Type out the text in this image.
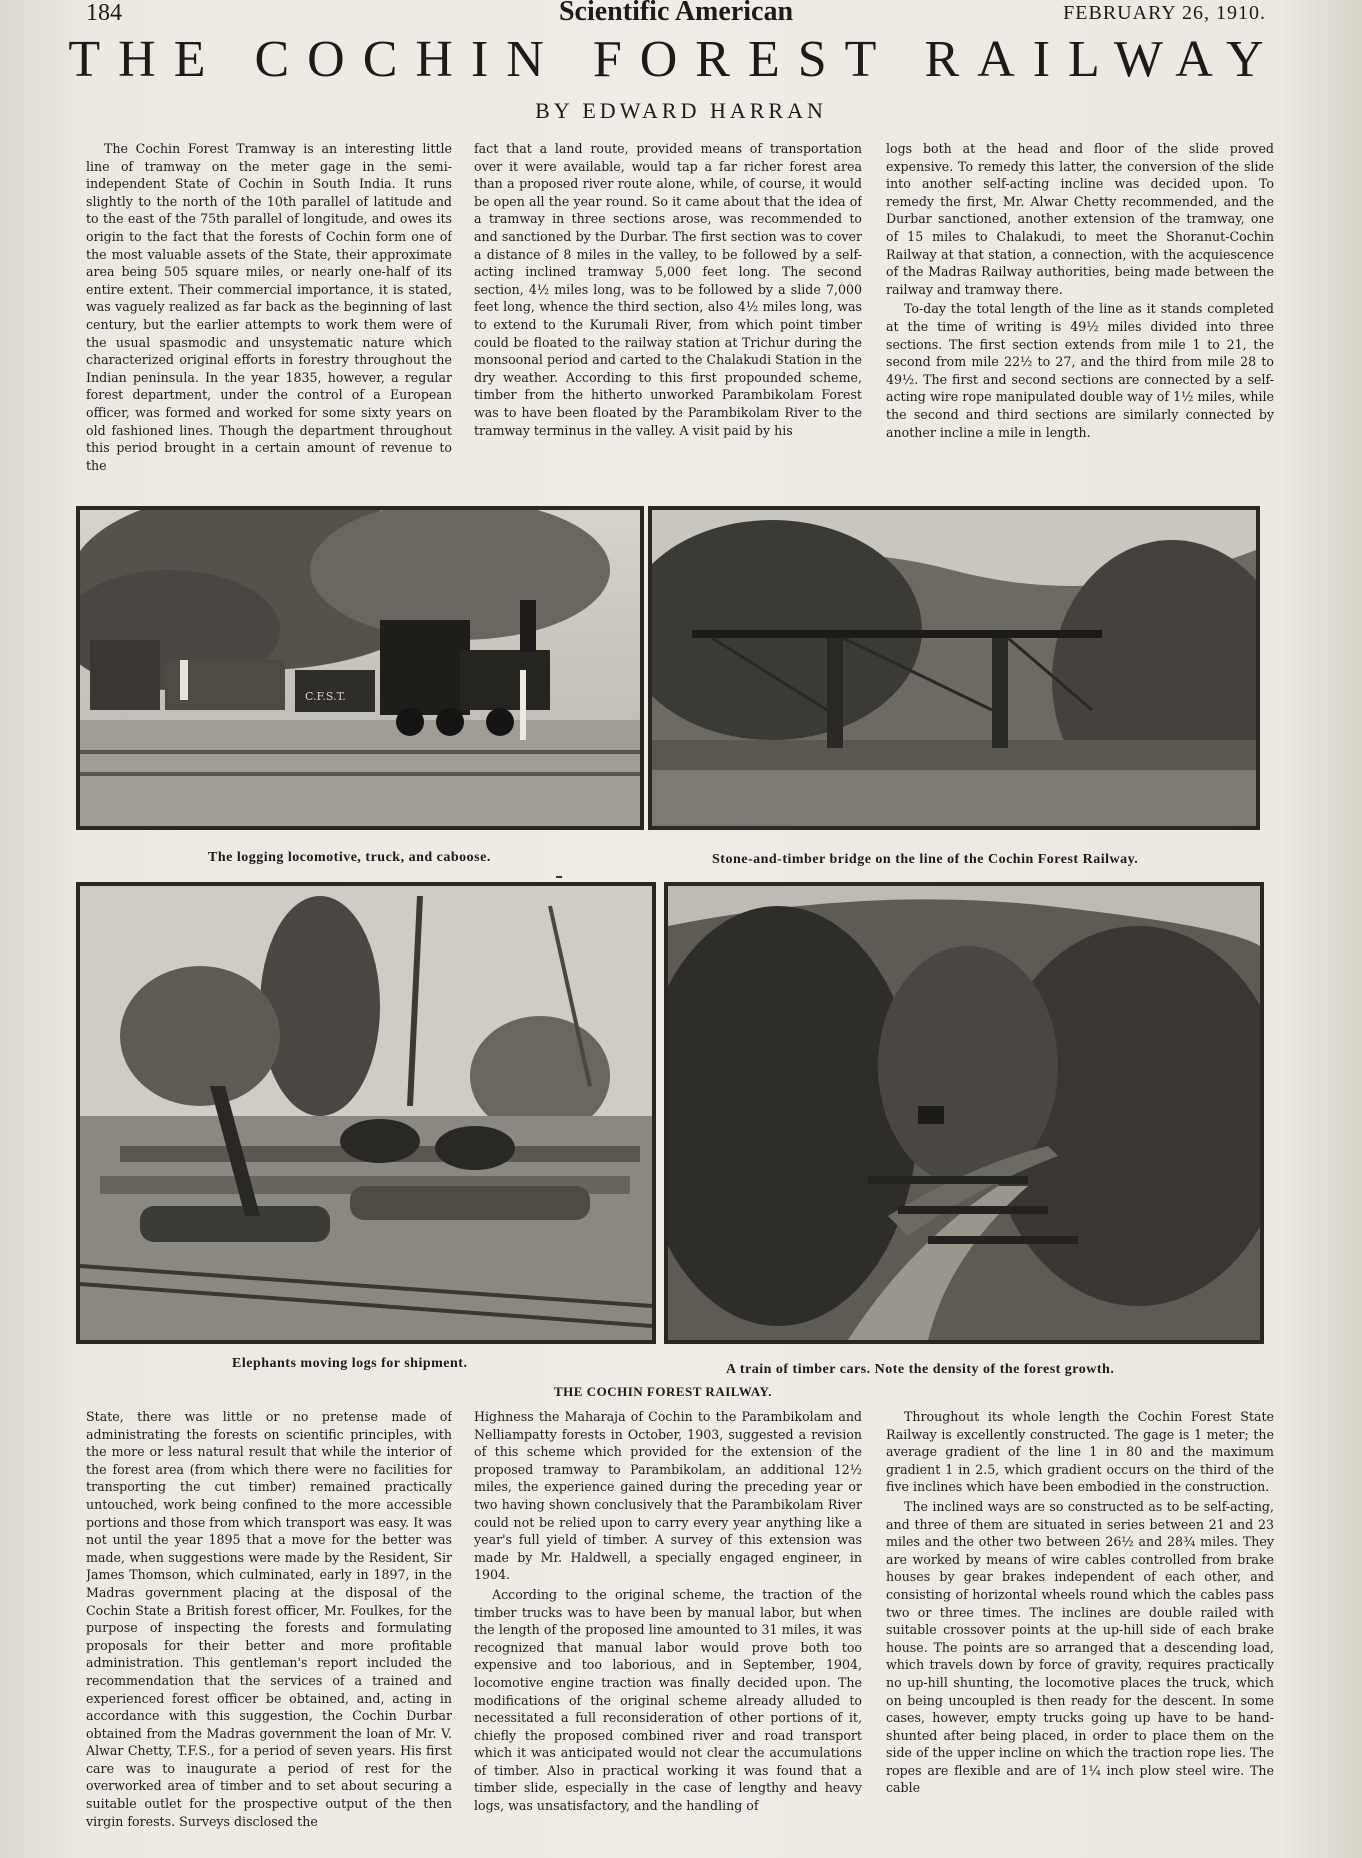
184	Scientific American	FEBRUARY 26, 1910.
THE COCHIN FOREST RAILWAY
BY EDWARD HARRAN

The Cochin Forest Tramway is an interesting little line of tramway on the meter gage in the semi-independent State of Cochin in South India. It runs slightly to the north of the 10th parallel of latitude and to the east of the 75th parallel of longitude, and owes its origin to the fact that the forests of Cochin form one of the most valuable assets of the State, their approximate area being 505 square miles, or nearly one-half of its entire extent. Their commercial importance, it is stated, was vaguely realized as far back as the beginning of last century, but the earlier attempts to work them were of the usual spasmodic and unsystematic nature which characterized original efforts in forestry throughout the Indian peninsula. In the year 1835, however, a regular forest department, under the control of a European officer, was formed and worked for some sixty years on old fashioned lines. Though the department throughout this period brought in a certain amount of revenue to the

fact that a land route, provided means of transportation over it were available, would tap a far richer forest area than a proposed river route alone, while, of course, it would be open all the year round. So it came about that the idea of a tramway in three sections arose, was recommended to and sanctioned by the Durbar. The first section was to cover a distance of 8 miles in the valley, to be followed by a self-acting inclined tramway 5,000 feet long. The second section, 4½ miles long, was to be followed by a slide 7,000 feet long, whence the third section, also 4½ miles long, was to extend to the Kurumali River, from which point timber could be floated to the railway station at Trichur during the monsoonal period and carted to the Chalakudi Station in the dry weather. According to this first propounded scheme, timber from the hitherto unworked Parambikolam Forest was to have been floated by the Parambikolam River to the tramway terminus in the valley. A visit paid by his

logs both at the head and floor of the slide proved expensive. To remedy this latter, the conversion of the slide into another self-acting incline was decided upon. To remedy the first, Mr. Alwar Chetty recommended, and the Durbar sanctioned, another extension of the tramway, one of 15 miles to Chalakudi, to meet the Shoranut-Cochin Railway at that station, a connection, with the acquiescence of the Madras Railway authorities, being made between the railway and tramway there.

To-day the total length of the line as it stands completed at the time of writing is 49½ miles divided into three sections. The first section extends from mile 1 to 21, the second from mile 22½ to 27, and the third from mile 28 to 49½. The first and second sections are connected by a self-acting wire rope manipulated double way of 1½ miles, while the second and third sections are similarly connected by another incline a mile in length.

C.F.S.T.
The logging locomotive, truck, and caboose.	Stone-and-timber bridge on the line of the Cochin Forest Railway.
Elephants moving logs for shipment.	A train of timber cars. Note the density of the forest growth.
THE COCHIN FOREST RAILWAY.

State, there was little or no pretense made of administrating the forests on scientific principles, with the more or less natural result that while the interior of the forest area (from which there were no facilities for transporting the cut timber) remained practically untouched, work being confined to the more accessible portions and those from which transport was easy. It was not until the year 1895 that a move for the better was made, when suggestions were made by the Resident, Sir James Thomson, which culminated, early in 1897, in the Madras government placing at the disposal of the Cochin State a British forest officer, Mr. Foulkes, for the purpose of inspecting the forests and formulating proposals for their better and more profitable administration. This gentleman's report included the recommendation that the services of a trained and experienced forest officer be obtained, and, acting in accordance with this suggestion, the Cochin Durbar obtained from the Madras government the loan of Mr. V. Alwar Chetty, T.F.S., for a period of seven years. His first care was to inaugurate a period of rest for the overworked area of timber and to set about securing a suitable outlet for the prospective output of the then virgin forests. Surveys disclosed the

Highness the Maharaja of Cochin to the Parambikolam and Nelliampatty forests in October, 1903, suggested a revision of this scheme which provided for the extension of the proposed tramway to Parambikolam, an additional 12½ miles, the experience gained during the preceding year or two having shown conclusively that the Parambikolam River could not be relied upon to carry every year anything like a year's full yield of timber. A survey of this extension was made by Mr. Haldwell, a specially engaged engineer, in 1904.

According to the original scheme, the traction of the timber trucks was to have been by manual labor, but when the length of the proposed line amounted to 31 miles, it was recognized that manual labor would prove both too expensive and too laborious, and in September, 1904, locomotive engine traction was finally decided upon. The modifications of the original scheme already alluded to necessitated a full reconsideration of other portions of it, chiefly the proposed combined river and road transport which it was anticipated would not clear the accumulations of timber. Also in practical working it was found that a timber slide, especially in the case of lengthy and heavy logs, was unsatisfactory, and the handling of

Throughout its whole length the Cochin Forest State Railway is excellently constructed. The gage is 1 meter; the average gradient of the line 1 in 80 and the maximum gradient 1 in 2.5, which gradient occurs on the third of the five inclines which have been embodied in the construction.

The inclined ways are so constructed as to be self-acting, and three of them are situated in series between 21 and 23 miles and the other two between 26½ and 28¾ miles. They are worked by means of wire cables controlled from brake houses by gear brakes independent of each other, and consisting of horizontal wheels round which the cables pass two or three times. The inclines are double railed with suitable crossover points at the up-hill side of each brake house. The points are so arranged that a descending load, which travels down by force of gravity, requires practically no up-hill shunting, the locomotive places the truck, which on being uncoupled is then ready for the descent. In some cases, however, empty trucks going up have to be hand-shunted after being placed, in order to place them on the side of the upper incline on which the traction rope lies. The ropes are flexible and are of 1¼ inch plow steel wire. The cable
